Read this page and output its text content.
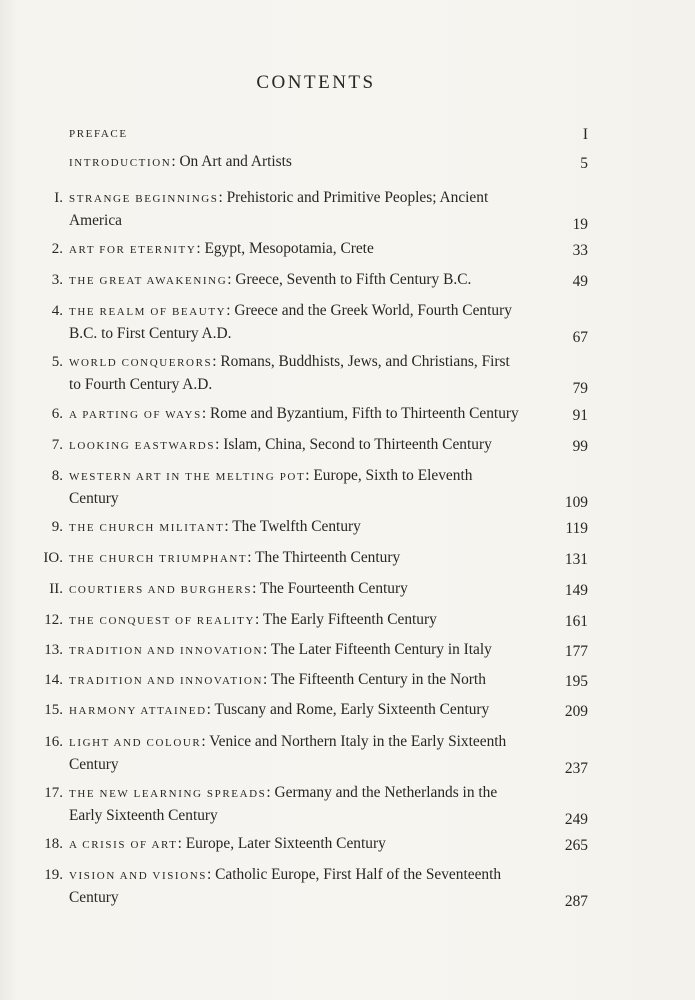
CONTENTS
PREFACE	I
INTRODUCTION: On Art and Artists	5
I. STRANGE BEGINNINGS: Prehistoric and Primitive Peoples; Ancient
America	19
2. ART FOR ETERNITY: Egypt, Mesopotamia, Crete	33
3. THE GREAT AWAKENING: Greece, Seventh to Fifth Century B.C.	49
4. THE REALM OF BEAUTY: Greece and the Greek World, Fourth Century
B.C. to First Century A.D.	67
5. WORLD CONQUERORS: Romans, Buddhists, Jews, and Christians, First
to Fourth Century A.D.	79
6. A PARTING OF WAYS: Rome and Byzantium, Fifth to Thirteenth Century	91
7. LOOKING EASTWARDS: Islam, China, Second to Thirteenth Century	99
8. WESTERN ART IN THE MELTING POT: Europe, Sixth to Eleventh
Century	109
9. THE CHURCH MILITANT: The Twelfth Century	119
IO. THE CHURCH TRIUMPHANT: The Thirteenth Century	131
II. COURTIERS AND BURGHERS: The Fourteenth Century	149
12. THE CONQUEST OF REALITY: The Early Fifteenth Century	161
13. TRADITION AND INNOVATION: The Later Fifteenth Century in Italy	177
14. TRADITION AND INNOVATION: The Fifteenth Century in the North	195
15. HARMONY ATTAINED: Tuscany and Rome, Early Sixteenth Century	209
16. LIGHT AND COLOUR: Venice and Northern Italy in the Early Sixteenth
Century	237
17. THE NEW LEARNING SPREADS: Germany and the Netherlands in the
Early Sixteenth Century	249
18. A CRISIS OF ART: Europe, Later Sixteenth Century	265
19. VISION AND VISIONS: Catholic Europe, First Half of the Seventeenth
Century	287
